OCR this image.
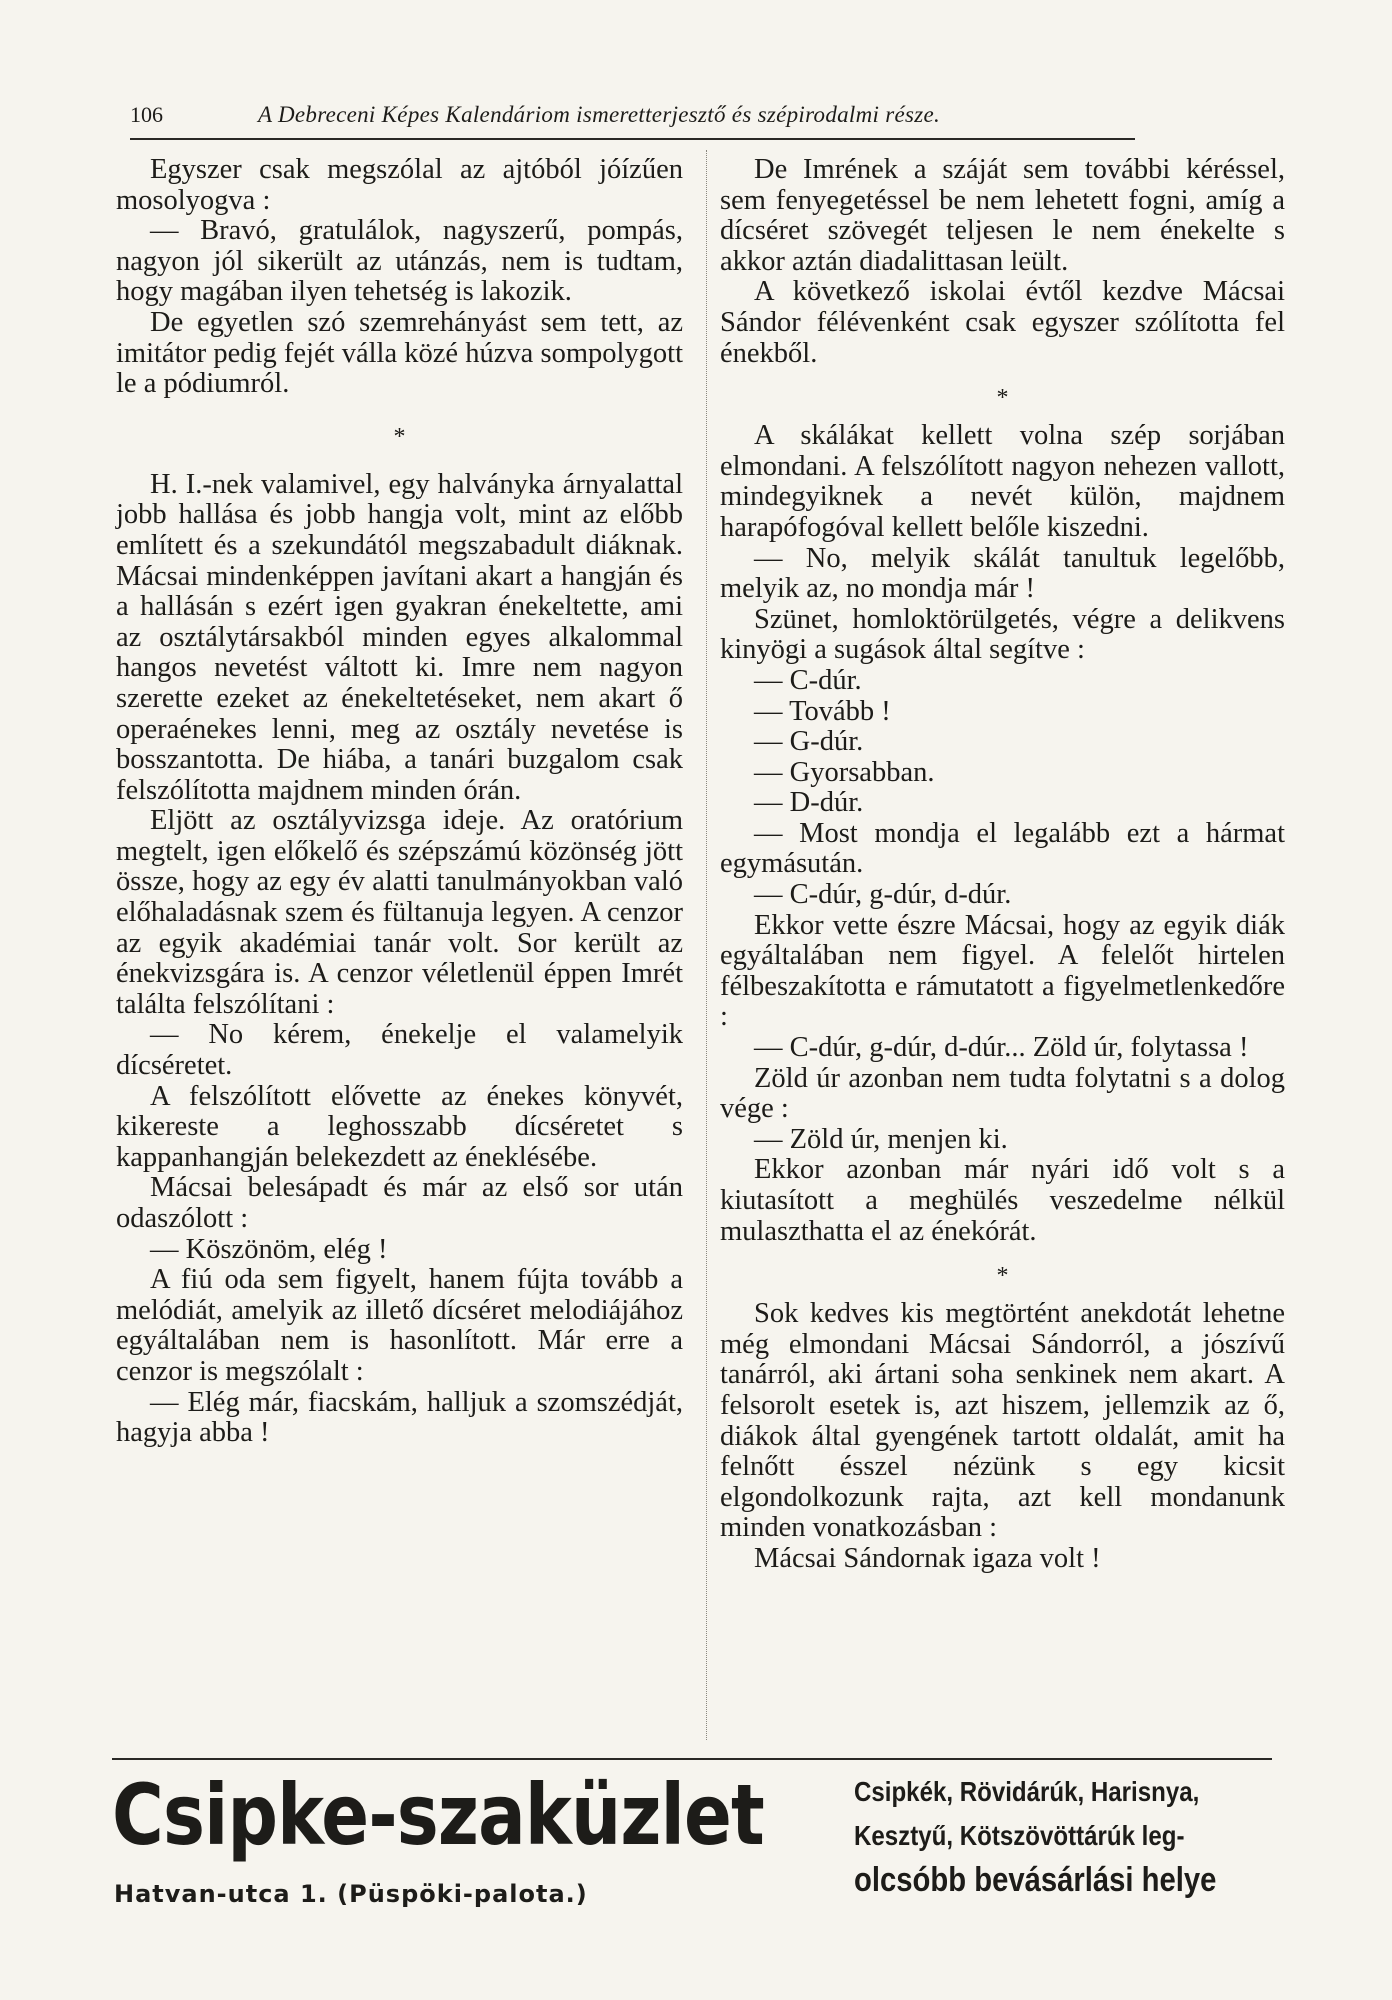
106	A Debreceni Képes Kalendáriom ismeretterjesztő és szépirodalmi része.

Egyszer csak megszólal az ajtóból jóízűen mosolyogva :

— Bravó, gratulálok, nagyszerű, pompás, nagyon jól sikerült az utánzás, nem is tudtam, hogy magában ilyen tehetség is lakozik.

De egyetlen szó szemrehányást sem tett, az imitátor pedig fejét válla közé húzva sompolygott le a pódiumról.

*

H. I.-nek valamivel, egy halványka árnyalattal jobb hallása és jobb hangja volt, mint az előbb említett és a szekundától megszabadult diáknak. Mácsai mindenképpen javítani akart a hangján és a hallásán s ezért igen gyakran énekeltette, ami az osztálytársakból minden egyes alkalommal hangos nevetést váltott ki. Imre nem nagyon szerette ezeket az énekeltetéseket, nem akart ő operaénekes lenni, meg az osztály nevetése is bosszantotta. De hiába, a tanári buzgalom csak felszólította majdnem minden órán.

Eljött az osztályvizsga ideje. Az oratórium megtelt, igen előkelő és szépszámú közönség jött össze, hogy az egy év alatti tanulmányokban való előhaladásnak szem és fültanuja legyen. A cenzor az egyik akadémiai tanár volt. Sor került az énekvizsgára is. A cenzor véletlenül éppen Imrét találta felszólítani :

— No kérem, énekelje el valamelyik dícséretet.

A felszólított elővette az énekes könyvét, kikereste a leghosszabb dícséretet s kappanhangján belekezdett az éneklésébe.

Mácsai belesápadt és már az első sor után odaszólott :

— Köszönöm, elég !

A fiú oda sem figyelt, hanem fújta tovább a melódiát, amelyik az illető dícséret melodiájához egyáltalában nem is hasonlított. Már erre a cenzor is megszólalt :

— Elég már, fiacskám, halljuk a szomszédját, hagyja abba !

De Imrének a száját sem további kéréssel, sem fenyegetéssel be nem lehetett fogni, amíg a dícséret szövegét teljesen le nem énekelte s akkor aztán diadalittasan leült.

A következő iskolai évtől kezdve Mácsai Sándor félévenként csak egyszer szólította fel énekből.

*

A skálákat kellett volna szép sorjában elmondani. A felszólított nagyon nehezen vallott, mindegyiknek a nevét külön, majdnem harapófogóval kellett belőle kiszedni.

— No, melyik skálát tanultuk legelőbb, melyik az, no mondja már !

Szünet, homloktörülgetés, végre a delikvens kinyögi a sugások által segítve :

— C-dúr.

— Tovább !

— G-dúr.

— Gyorsabban.

— D-dúr.

— Most mondja el legalább ezt a hármat egymásután.

— C-dúr, g-dúr, d-dúr.

Ekkor vette észre Mácsai, hogy az egyik diák egyáltalában nem figyel. A felelőt hirtelen félbeszakította e rámutatott a figyelmetlenkedőre :

— C-dúr, g-dúr, d-dúr... Zöld úr, folytassa !

Zöld úr azonban nem tudta folytatni s a dolog vége :

— Zöld úr, menjen ki.

Ekkor azonban már nyári idő volt s a kiutasított a meghülés veszedelme nélkül mulaszthatta el az énekórát.

*

Sok kedves kis megtörtént anekdotát lehetne még elmondani Mácsai Sándorról, a jószívű tanárról, aki ártani soha senkinek nem akart. A felsorolt esetek is, azt hiszem, jellemzik az ő, diákok által gyengének tartott oldalát, amit ha felnőtt ésszel nézünk s egy kicsit elgondolkozunk rajta, azt kell mondanunk minden vonatkozásban :

Mácsai Sándornak igaza volt !

Csipke-szaküzlet
Hatvan-utca 1. (Püspöki-palota.)
Csipkék, Rövidárúk, Harisnya,
Kesztyű, Kötszövöttárúk leg-
olcsóbb bevásárlási helye
